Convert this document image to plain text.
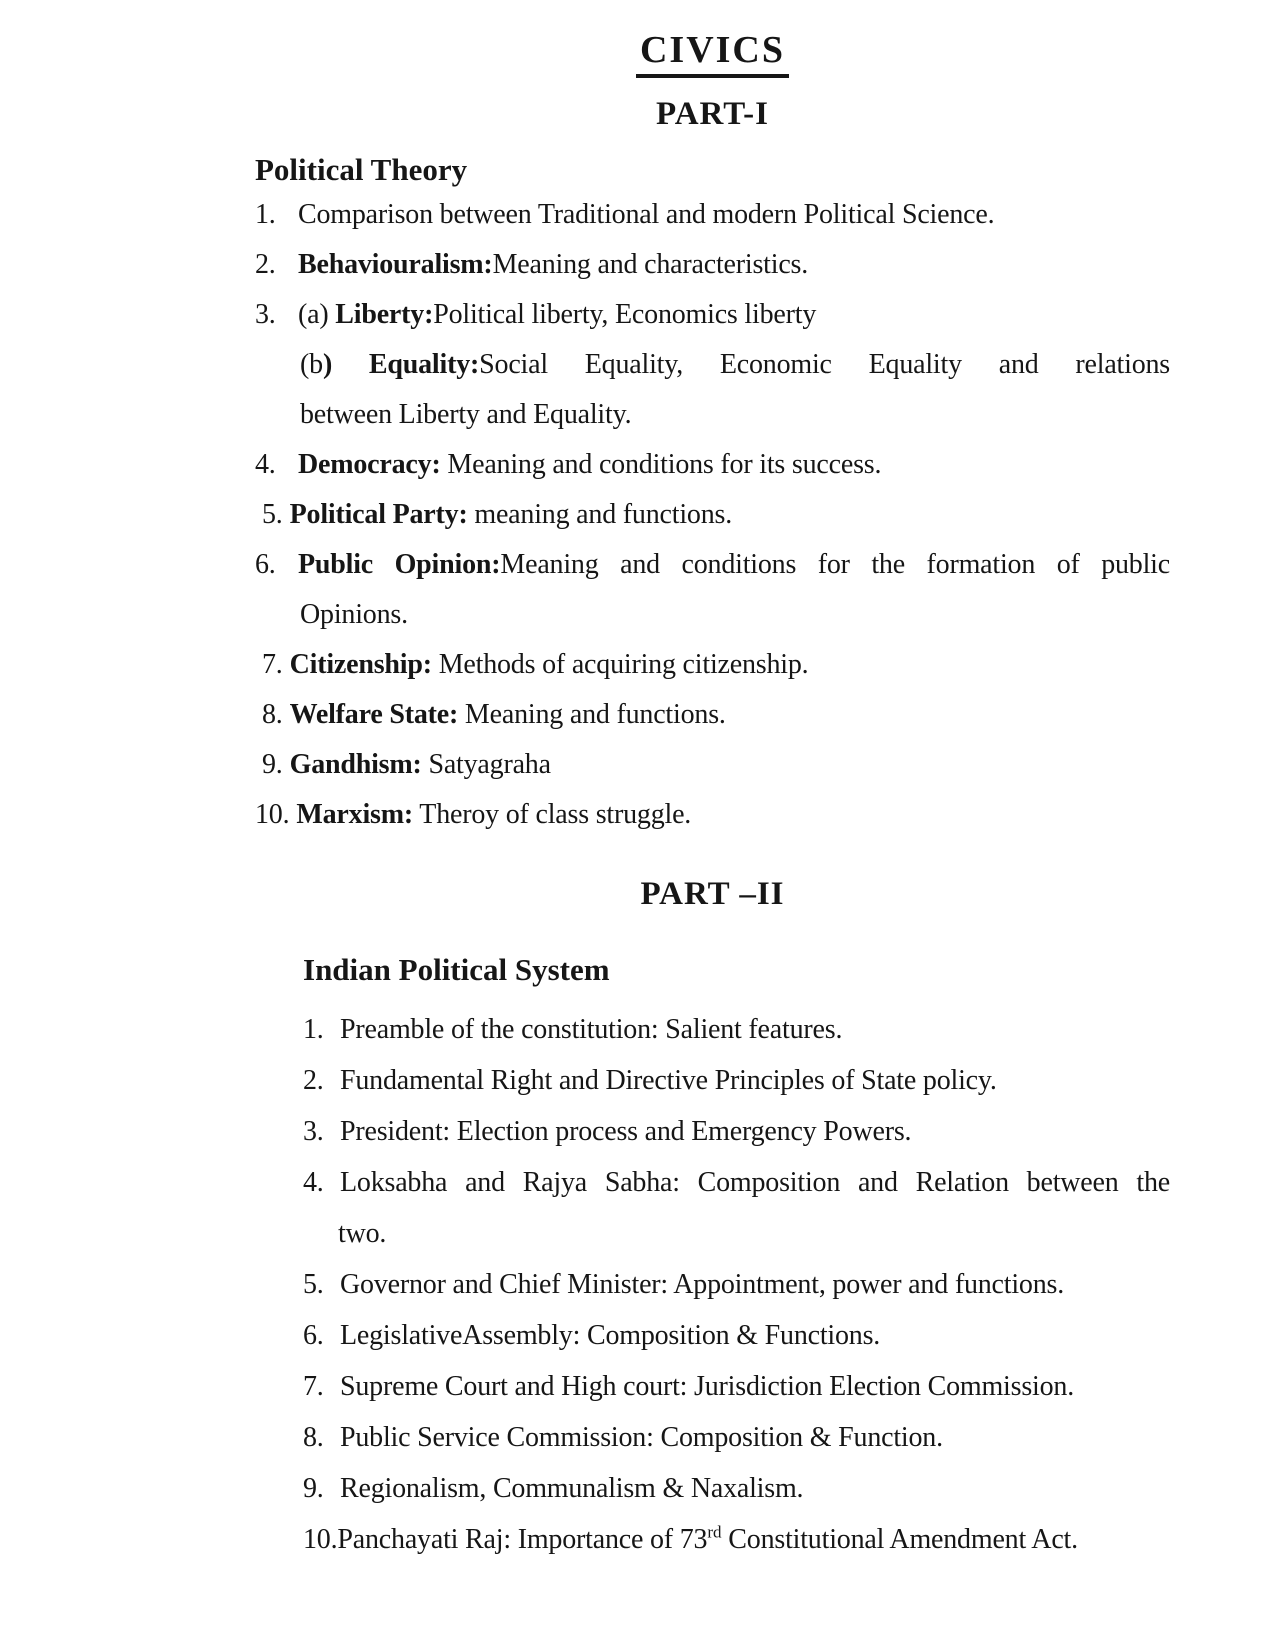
CIVICS
PART-I
Political Theory
1. Comparison between Traditional and modern Political Science.
2. Behaviouralism:Meaning and characteristics.
3. (a) Liberty:Political liberty, Economics liberty
(b) Equality:Social Equality, Economic Equality and relations
between Liberty and Equality.
4. Democracy: Meaning and conditions for its success.
5. Political Party: meaning and functions.
6. Public Opinion:Meaning and conditions for the formation of public
Opinions.
7. Citizenship: Methods of acquiring citizenship.
8. Welfare State: Meaning and functions.
9. Gandhism: Satyagraha
10. Marxism: Theroy of class struggle.
PART –II
Indian Political System
1. Preamble of the constitution: Salient features.
2. Fundamental Right and Directive Principles of State policy.
3. President: Election process and Emergency Powers.
4. Loksabha and Rajya Sabha: Composition and Relation between the
two.
5. Governor and Chief Minister: Appointment, power and functions.
6. LegislativeAssembly: Composition & Functions.
7. Supreme Court and High court: Jurisdiction Election Commission.
8. Public Service Commission: Composition & Function.
9. Regionalism, Communalism & Naxalism.
10.Panchayati Raj: Importance of 73rd Constitutional Amendment Act.
